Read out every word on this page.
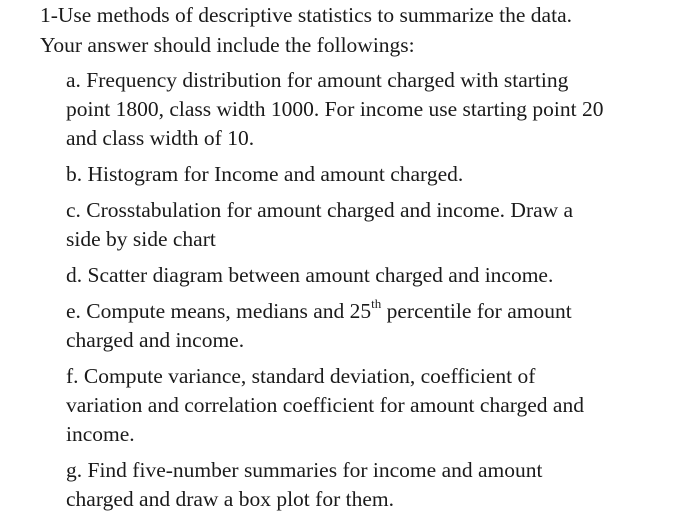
1-Use methods of descriptive statistics to summarize the data.
Your answer should include the followings:
a. Frequency distribution for amount charged with starting
point 1800, class width 1000. For income use starting point 20
and class width of 10.
b. Histogram for Income and amount charged.
c. Crosstabulation for amount charged and income. Draw a
side by side chart
d. Scatter diagram between amount charged and income.
e. Compute means, medians and 25th percentile for amount
charged and income.
f. Compute variance, standard deviation, coefficient of
variation and correlation coefficient for amount charged and
income.
g. Find five-number summaries for income and amount
charged and draw a box plot for them.
